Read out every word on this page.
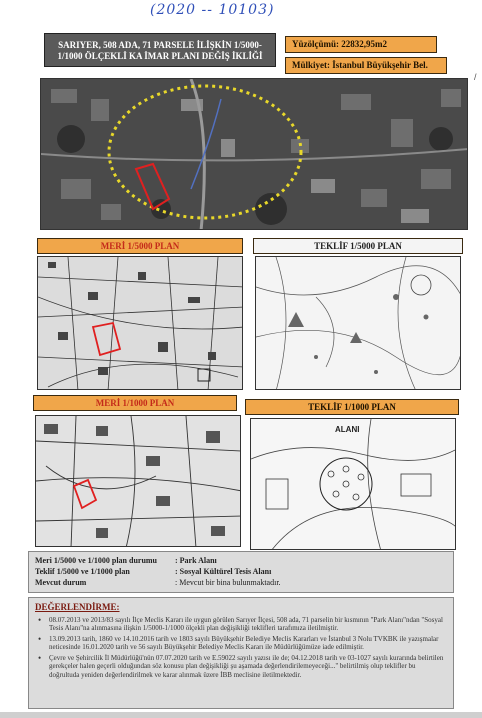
(2020 -- 10103)
SARIYER, 508 ADA, 71 PARSELE İLİŞKİN 1/5000-
1/1000 ÖLÇEKLİ KA İMAR PLANI DEĞİŞ İKLİĞİ
Yüzölçümü: 22832,95m2
Mülkiyet: İstanbul Büyükşehir Bel.
/
MERİ 1/5000 PLAN	TEKLİF 1/5000 PLAN
MERİ 1/1000 PLAN	TEKLİF 1/1000 PLAN
ALANI
Meri 1/5000 ve 1/1000 plan durumu	: Park Alanı
Teklif 1/5000 ve 1/1000 plan	: Sosyal Kültürel Tesis Alanı
Mevcut durum	: Mevcut bir bina bulunmaktadır.
DEĞERLENDİRME:
• 08.07.2013 ve 2013/83 sayılı İlçe Meclis Kararı ile uygun görülen Sarıyer İlçesi, 508 ada, 71 parselin bir kısmının "Park Alanı"ndan "Sosyal Tesis Alanı"na alınmasına ilişkin 1/5000-1/1000 ölçekli plan değişikliği teklifleri tarafımıza iletilmiştir.
• 13.09.2013 tarih, 1860 ve 14.10.2016 tarih ve 1803 sayılı Büyükşehir Belediye Meclis Kararları ve İstanbul 3 Nolu TVKBK ile yazışmalar neticesinde 16.01.2020 tarih ve 56 sayılı Büyükşehir Belediye Meclis Kararı ile Müdürlüğümüze iade edilmiştir.
• Çevre ve Şehircilik İl Müdürlüğü'nün 07.07.2020 tarih ve E.59022 sayılı yazısı ile de; 04.12.2018 tarih ve 03-1027 sayılı kurarında belirtilen gerekçeler halen geçerli olduğundan söz konusu plan değişikliği şu aşamada değerlendirilemeyeceği..." belirtilmiş olup teklifler bu doğrultuda yeniden değerlendirilmek ve karar alınmak üzere İBB meclisine iletilmektedir.
